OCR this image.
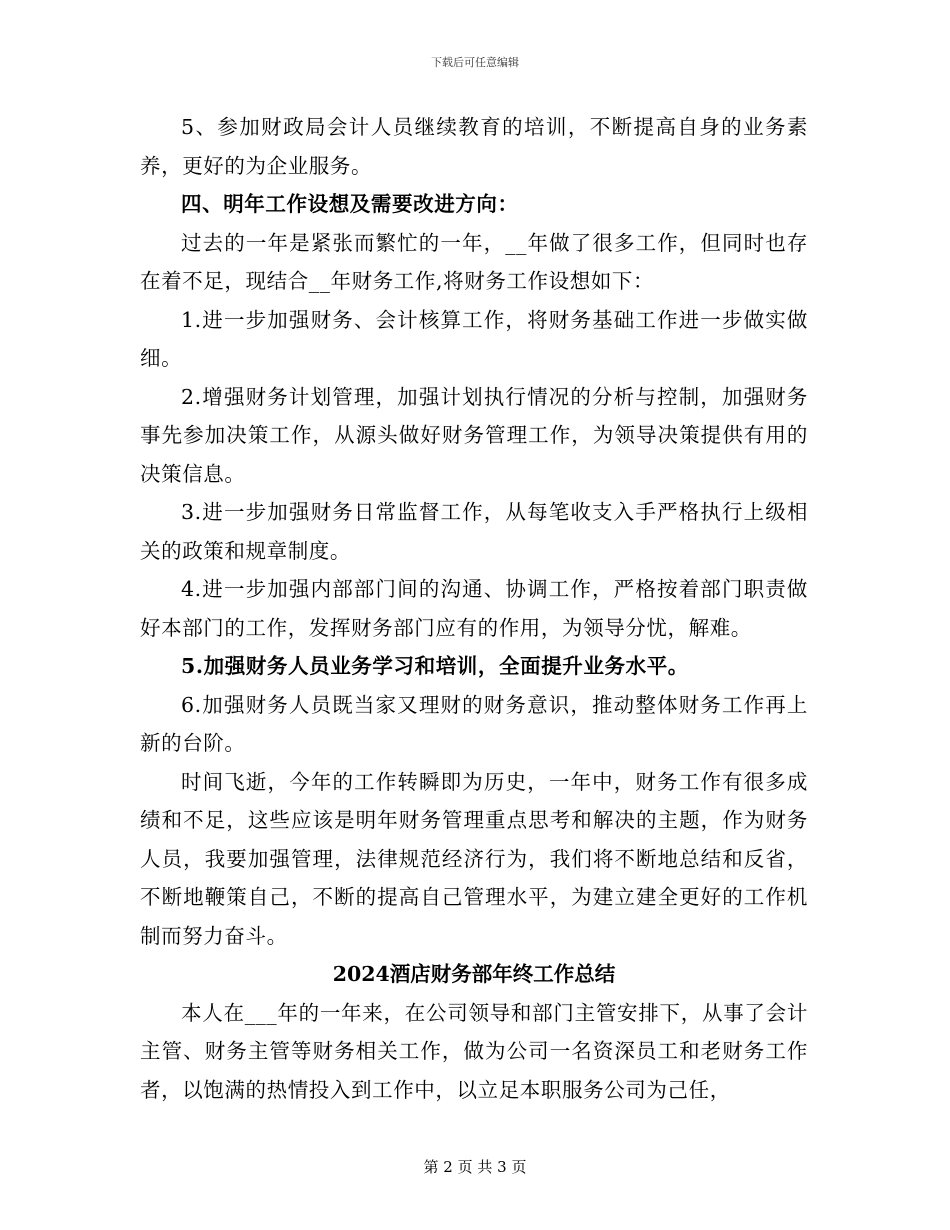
下载后可任意编辑

5、参加财政局会计人员继续教育的培训，不断提高自身的业务素养，更好的为企业服务。

四、明年工作设想及需要改进方向：

过去的一年是紧张而繁忙的一年，__年做了很多工作，但同时也存在着不足，现结合__年财务工作,将财务工作设想如下：

1.进一步加强财务、会计核算工作，将财务基础工作进一步做实做细。

2.增强财务计划管理，加强计划执行情况的分析与控制，加强财务事先参加决策工作，从源头做好财务管理工作，为领导决策提供有用的决策信息。

3.进一步加强财务日常监督工作，从每笔收支入手严格执行上级相关的政策和规章制度。

4.进一步加强内部部门间的沟通、协调工作，严格按着部门职责做好本部门的工作，发挥财务部门应有的作用，为领导分忧，解难。

5.加强财务人员业务学习和培训，全面提升业务水平。

6.加强财务人员既当家又理财的财务意识，推动整体财务工作再上新的台阶。

时间飞逝，今年的工作转瞬即为历史，一年中，财务工作有很多成绩和不足，这些应该是明年财务管理重点思考和解决的主题，作为财务人员，我要加强管理，法律规范经济行为，我们将不断地总结和反省，不断地鞭策自己，不断的提高自己管理水平，为建立建全更好的工作机制而努力奋斗。

2024酒店财务部年终工作总结

本人在___年的一年来，在公司领导和部门主管安排下，从事了会计主管、财务主管等财务相关工作，做为公司一名资深员工和老财务工作者，以饱满的热情投入到工作中，以立足本职服务公司为己任，

第 2 页 共 3 页
